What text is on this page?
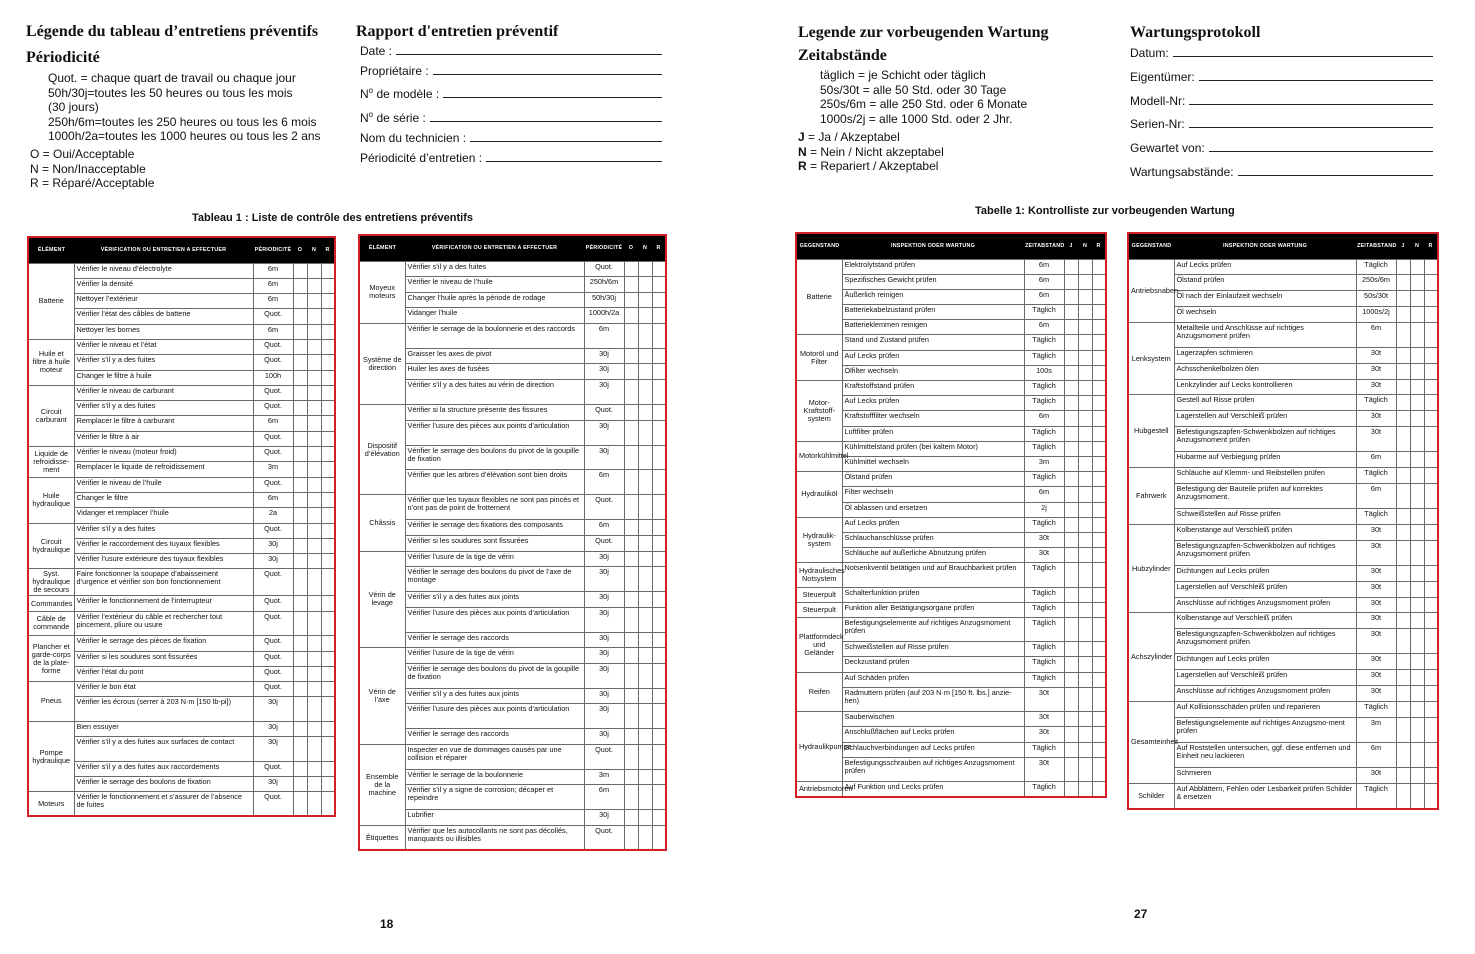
Légende du tableau d’entretiens préventifs
Périodicité
Quot. = chaque quart de travail ou chaque jour
50h/30j=toutes les 50 heures ou tous les mois
(30 jours)
250h/6m=toutes les 250 heures ou tous les 6 mois
1000h/2a=toutes les 1000 heures ou tous les 2 ans
O = Oui/Acceptable
N = Non/Inacceptable
R = Réparé/Acceptable
Rapport d'entretien préventif
Date :
Propriétaire :
$N^o$ de modèle :
$N^o$ de série :
Nom du technicien :
Périodicité d’entretien :
Legende zur vorbeugenden Wartung
Zeitabstände
täglich = je Schicht oder täglich
50s/30t = alle 50 Std. oder 30 Tage
250s/6m = alle 250 Std. oder 6 Monate
1000s/2j = alle 1000 Std. oder 2 Jhr.
J = Ja / Akzeptabel
N = Nein / Nicht akzeptabel
R = Repariert / Akzeptabel
Wartungsprotokoll
Datum:
Eigentümer:
Modell-Nr:
Serien-Nr:
Gewartet von:
Wartungsabstände:
Tableau 1 : Liste de contrôle des entretiens préventifs
Tabelle 1: Kontrolliste zur vorbeugenden Wartung
ÉLÉMENT	VÉRIFICATION OU ENTRETIEN A EFFECTUER	PÉRIODICITÉ	O	N	R
Batterie	Vérifier le niveau d’électrolyte	6m			
	Vérifier la densité	6m			
	Nettoyer l’extérieur	6m			
	Vérifier l’état des câbles de batterie	Quot.			
	Nettoyer les bornes	6m			
Huile et filtre à huile moteur	Vérifier le niveau et l’état	Quot.			
	Vérifier s’il y a des fuites	Quot.			
	Changer le filtre à huile	100h			
Circuit carburant	Vérifier le niveau de carburant	Quot.			
	Vérifier s’il y a des fuites	Quot.			
	Remplacer le filtre à carburant	6m			
	Vérifier le filtre à air	Quot.			
Liquide de refroidisse-ment	Vérifier le niveau (moteur froid)	Quot.			
	Remplacer le liquide de refroidissement	3m			
Huile hydraulique	Vérifier le niveau de l’huile	Quot.			
	Changer le filtre	6m			
	Vidanger et remplacer l’huile	2a			
Circuit hydraulique	Vérifier s’il y a des fuites	Quot.			
	Vérifier le raccordement des tuyaux flexibles	30j			
	Vérifier l’usure extérieure des tuyaux flexibles	30j			
Syst. hydraulique de secours	Faire fonctionner la soupape d’abaissement d’urgence et vérifier son bon fonctionnement	Quot.			
Commandes	Vérifier le fonctionnement de l’interrupteur	Quot.			
Câble de commande	Vérifier l’extérieur du câble et rechercher tout pincement, pliure ou usure	Quot.			
Plancher et garde-corps de la plate-forme	Vérifier le serrage des pièces de fixation	Quot.			
	Vérifier si les soudures sont fissurées	Quot.			
	Vérifier l’état du pont	Quot.			
Pneus	Vérifier le bon état	Quot.			
	Vérifier les écrous (serrer à 203 N·m [150 lb-pi])	30j			
Pompe hydraulique	Bien essuyer	30j			
	Vérifier s’il y a des fuites aux surfaces de contact	30j			
	Vérifier s’il y a des fuites aux raccordements	Quot.			
	Vérifier le serrage des boulons de fixation	30j			
Moteurs	Vérifier le fonctionnement et s’assurer de l’absence de fuites	Quot.			
ÉLÉMENT	VÉRIFICATION OU ENTRETIEN A EFFECTUER	PÉRIODICITÉ	O	N	R
Moyeux moteurs	Vérifier s’il y a des fuites	Quot.			
	Vérifier le niveau de l’huile	250h/6m			
	Changer l’huile après la période de rodage	50h/30j			
	Vidanger l’huile	1000h/2a			
Système de direction	Vérifier le serrage de la boulonnerie et des raccords	6m			
	Graisser les axes de pivot	30j			
	Huiler les axes de fusées	30j			
	Vérifier s’il y a des fuites au vérin de direction	30j			
Dispositif d’élévation	Vérifier si la structure présente des fissures	Quot.			
	Vérifier l’usure des pièces aux points d’articulation	30j			
	Vérifier le serrage des boulons du pivot de la goupille de fixation	30j			
	Vérifier que les arbres d’élévation sont bien droits	6m			
Châssis	Vérifier que les tuyaux flexibles ne sont pas pincés et n’ont pas de point de frottement	Quot.			
	Vérifier le serrage des fixations des composants	6m			
	Vérifier si les soudures sont fissurées	Quot.			
Vérin de levage	Vérifier l’usure de la tige de vérin	30j			
	Vérifier le serrage des boulons du pivot de l’axe de montage	30j			
	Vérifier s’il y a des fuites aux joints	30j			
	Vérifier l’usure des pièces aux points d’articulation	30j			
	Vérifier le serrage des raccords	30j			
Vérin de l’axe	Vérifier l’usure de la tige de vérin	30j			
	Vérifier le serrage des boulons du pivot de la goupille de fixation	30j			
	Vérifier s’il y a des fuites aux joints	30j			
	Vérifier l’usure des pièces aux points d’articulation	30j			
	Vérifier le serrage des raccords	30j			
Ensemble de la machine	Inspecter en vue de dommages causés par une collision et réparer	Quot.			
	Vérifier le serrage de la boulonnerie	3m			
	Vérifier s’il y a signe de corrosion; décaper et repeindre	6m			
	Lubrifier	30j			
Étiquettes	Vérifier que les autocollants ne sont pas décollés, manquants ou illisibles	Quot.			
GEGENSTAND	INSPEKTION ODER WARTUNG	ZEITABSTAND	J	N	R
Batterie	Elektrolytstand prüfen	6m			
	Spezifisches Gewicht prüfen	6m			
	Äußerlich reinigen	6m			
	Batteriekabelzustand prüfen	Täglich			
	Batterieklemmen reinigen	6m			
Motoröl und Filter	Stand und Zustand prüfen	Täglich			
	Auf Lecks prüfen	Täglich			
	Ölfilter wechseln	100s			
Motor-Kraftstoff-system	Kraftstoffstand prüfen	Täglich			
	Auf Lecks prüfen	Täglich			
	Kraftstofffilter wechseln	6m			
	Luftfilter prüfen	Täglich			
Motorkühlmittel	Kühlmittelstand prüfen (bei kaltem Motor)	Täglich			
	Kühlmittel wechseln	3m			
Hydrauliköl	Ölstand prüfen	Täglich			
	Filter wechseln	6m			
	Öl ablassen und ersetzen	2j			
Hydraulik-system	Auf Lecks prüfen	Täglich			
	Schlauchanschlüsse prüfen	30t			
	Schläuche auf äußerliche Abnutzung prüfen	30t			
Hydraulisches Notsystem	Notsenkventil betätigen und auf Brauchbarkeit prüfen	Täglich			
Steuerpult	Schalterfunktion prüfen	Täglich			
Steuerpult	Funktion aller Betätigungsorgane prüfen	Täglich			
Plattformdeck und Geländer	Befestigungselemente auf richtiges Anzugsmoment prüfen	Täglich			
	Schweißstellen auf Risse prüfen	Täglich			
	Deckzustand prüfen	Täglich			
Reifen	Auf Schäden prüfen	Täglich			
	Radmuttern prüfen (auf 203 N·m [150 ft. lbs.] anzie-hen)	30t			
Hydraulikpumpe	Sauberwischen	30t			
	Anschlußflächen auf Lecks prüfen	30t			
	Schlauchverbindungen auf Lecks prüfen	Täglich			
	Befestigungsschrauben auf richtiges Anzugsmoment prüfen	30t			
Antriebsmotoren	Auf Funktion und Lecks prüfen	Täglich			
GEGENSTAND	INSPEKTION ODER WARTUNG	ZEITABSTAND	J	N	R
Antriebsnaben	Auf Lecks prüfen	Täglich			
	Ölstand prüfen	250s/6m			
	Öl nach der Einlaufzeit wechseln	50s/30t			
	Öl wechseln	1000s/2j			
Lenksystem	Metallteile und Anschlüsse auf richtiges Anzugsmoment prüfen	6m			
	Lagerzapfen schmieren	30t			
	Achsschenkelbolzen ölen	30t			
	Lenkzylinder auf Lecks kontrollieren	30t			
Hubgestell	Gestell auf Risse prüfen	Täglich			
	Lagerstellen auf Verschleiß prüfen	30t			
	Befestigungszapfen-Schwenkbolzen auf richtiges Anzugsmoment prüfen	30t			
	Hubarme auf Verbiegung prüfen	6m			
Fahrwerk	Schläuche auf Klemm- und Reibstellen prüfen	Täglich			
	Befestigung der Bauteile prüfen auf korrektes Anzugsmoment.	6m			
	Schweißstellen auf Risse prüfen	Täglich			
Hubzylinder	Kolbenstange auf Verschleiß prüfen	30t			
	Befestigungszapfen-Schwenkbolzen auf richtiges Anzugsmoment prüfen	30t			
	Dichtungen auf Lecks prüfen	30t			
	Lagerstellen auf Verschleiß prüfen	30t			
	Anschlüsse auf richtiges Anzugsmoment prüfen	30t			
Achszylinder	Kolbenstange auf Verschleiß prüfen	30t			
	Befestigungszapfen-Schwenkbolzen auf richtiges Anzugsmoment prüfen	30t			
	Dichtungen auf Lecks prüfen	30t			
	Lagerstellen auf Verschleiß prüfen	30t			
	Anschlüsse auf richtiges Anzugsmoment prüfen	30t			
Gesamteinheit	Auf Kollisionsschäden prüfen und reparieren	Täglich			
	Befestigungselemente auf richtiges Anzugsmo-ment prüfen	3m			
	Auf Roststellen untersuchen, ggf. diese entfernen und Einheit neu lackieren	6m			
	Schmieren	30t			
Schilder	Auf Abblättern, Fehlen oder Lesbarkeit prüfen Schilder & ersetzen	Täglich			
18
27
